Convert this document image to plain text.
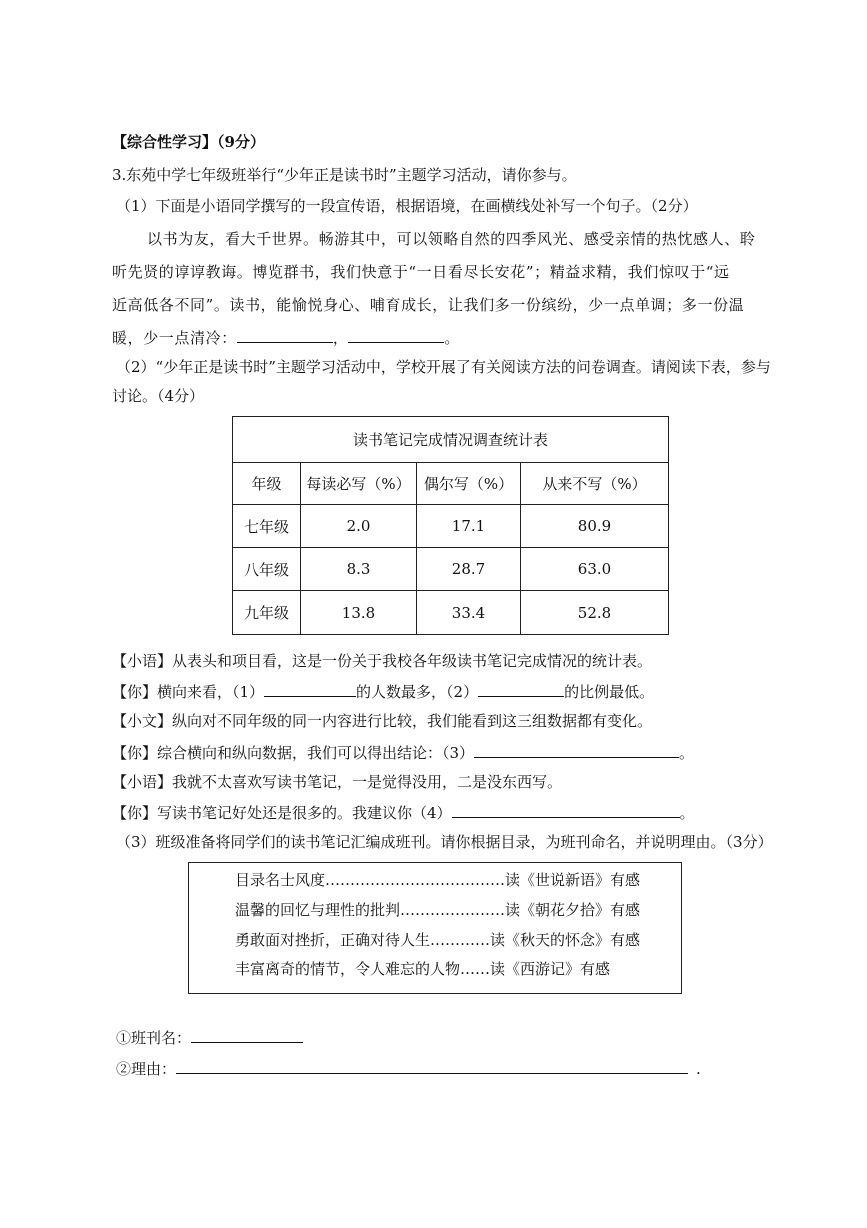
【综合性学习】（9分）
3.东苑中学七年级班举行“少年正是读书时”主题学习活动，请你参与。
（1）下面是小语同学撰写的一段宣传语，根据语境，在画横线处补写一个句子。（2分）
以书为友，看大千世界。畅游其中，可以领略自然的四季风光、感受亲情的热忱感人、聆
听先贤的谆谆教诲。博览群书，我们快意于“一日看尽长安花”；精益求精，我们惊叹于“远
近高低各不同”。读书，能愉悦身心、哺育成长，让我们多一份缤纷，少一点单调；多一份温
暖，少一点清冷：	，	。
（2）“少年正是读书时”主题学习活动中，学校开展了有关阅读方法的问卷调查。请阅读下表，参与
讨论。（4分）
读书笔记完成情况调查统计表			
年级	每读必写（%）	偶尔写（%）	从来不写（%）
七年级	2.0	17.1	80.9
八年级	8.3	28.7	63.0
九年级	13.8	33.4	52.8
【小语】从表头和项目看，这是一份关于我校各年级读书笔记完成情况的统计表。
【你】横向来看，（1）	的人数最多，（2）	的比例最低。
【小文】纵向对不同年级的同一内容进行比较，我们能看到这三组数据都有变化。
【你】综合横向和纵向数据，我们可以得出结论：（3）	。
【小语】我就不太喜欢写读书笔记，一是觉得没用，二是没东西写。
【你】写读书笔记好处还是很多的。我建议你（4）	。
（3）班级准备将同学们的读书笔记汇编成班刊。请你根据目录，为班刊命名，并说明理由。（3分）
目录名士风度………………………………读《世说新语》有感
温馨的回忆与理性的批判…………………读《朝花夕拾》有感
勇敢面对挫折，正确对待人生…………读《秋天的怀念》有感
丰富离奇的情节，令人难忘的人物……读《西游记》有感
①班刊名：
②理由：	.
